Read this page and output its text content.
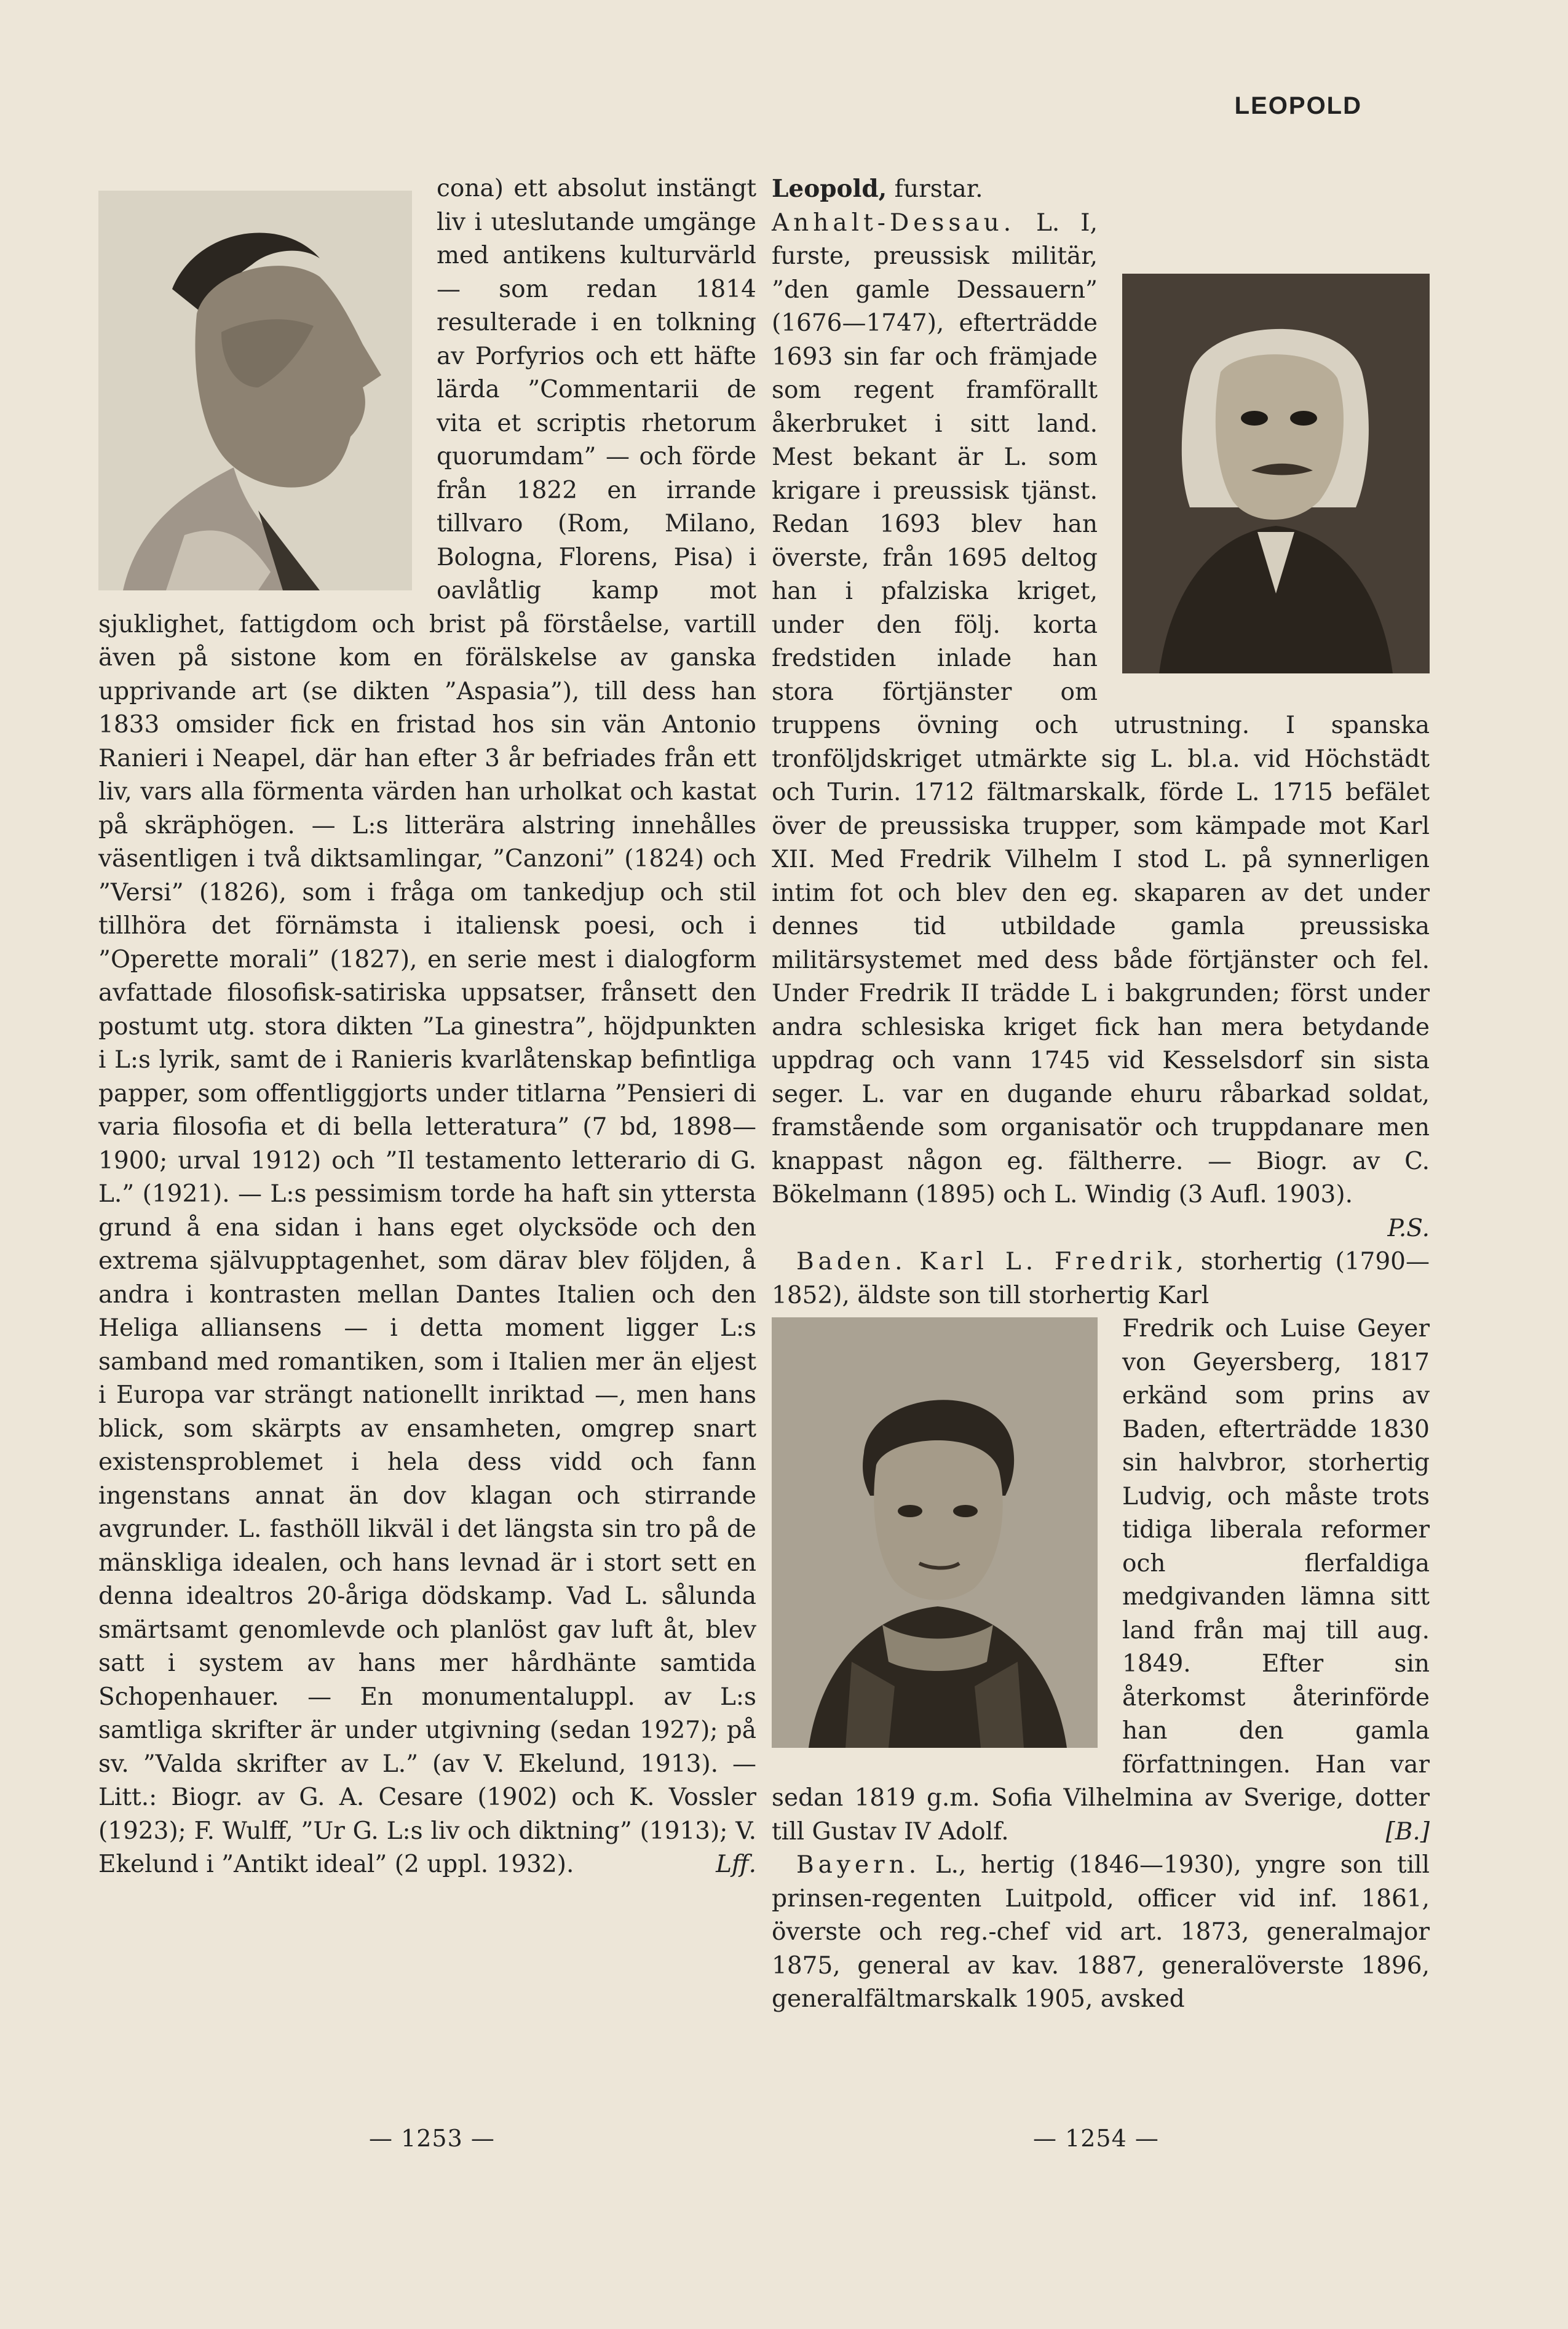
LEOPOLD

cona) ett absolut instängt liv i uteslutande umgänge med antikens kulturvärld — som redan 1814 resulterade i en tolkning av Porfyrios och ett häfte lärda ”Commentarii de vita et scriptis rhetorum quorumdam” — och förde från 1822 en irrande tillvaro (Rom, Milano, Bologna, Florens, Pisa) i oavlåtlig kamp mot sjuklighet, fattigdom och brist på förståelse, vartill även på sistone kom en förälskelse av ganska upprivande art (se dikten ”Aspasia”), till dess han 1833 omsider fick en fristad hos sin vän Antonio Ranieri i Neapel, där han efter 3 år befriades från ett liv, vars alla förmenta värden han urholkat och kastat på skräphögen. — L:s litterära alstring innehålles väsentligen i två diktsamlingar, ”Canzoni” (1824) och ”Versi” (1826), som i fråga om tankedjup och stil tillhöra det förnämsta i italiensk poesi, och i ”Operette morali” (1827), en serie mest i dialogform avfattade filosofisk-satiriska uppsatser, frånsett den postumt utg. stora dikten ”La ginestra”, höjdpunkten i L:s lyrik, samt de i Ranieris kvarlåtenskap befintliga papper, som offentliggjorts under titlarna ”Pensieri di varia filosofia et di bella letteratura” (7 bd, 1898—1900; urval 1912) och ”Il testamento letterario di G. L.” (1921). — L:s pessimism torde ha haft sin yttersta grund å ena sidan i hans eget olycksöde och den extrema självupptagenhet, som därav blev följden, å andra i kontrasten mellan Dantes Italien och den Heliga alliansens — i detta moment ligger L:s samband med romantiken, som i Italien mer än eljest i Europa var strängt nationellt inriktad —, men hans blick, som skärpts av ensamheten, omgrep snart existensproblemet i hela dess vidd och fann ingenstans annat än dov klagan och stirrande avgrunder. L. fasthöll likväl i det längsta sin tro på de mänskliga idealen, och hans levnad är i stort sett en denna idealtros 20-åriga dödskamp. Vad L. sålunda smärtsamt genomlevde och planlöst gav luft åt, blev satt i system av hans mer hårdhänte samtida Schopenhauer. — En monumentaluppl. av L:s samtliga skrifter är under utgivning (sedan 1927); på sv. ”Valda skrifter av L.” (av V. Ekelund, 1913). — Litt.: Biogr. av G. A. Cesare (1902) och K. Vossler (1923); F. Wulff, ”Ur G. L:s liv och diktning” (1913); V. Ekelund i ”Antikt ideal” (2 uppl. 1932).	Lff.

Leopold, furstar.

Anhalt-Dessau. L. I, furste, preussisk militär, ”den gamle Dessauern” (1676—1747), efterträdde 1693 sin far och främjade som regent framförallt åkerbruket i sitt land. Mest bekant är L. som krigare i preussisk tjänst. Redan 1693 blev han överste, från 1695 deltog han i pfalziska kriget, under den följ. korta fredstiden inlade han stora förtjänster om truppens övning och utrustning. I spanska tronföljdskriget utmärkte sig L. bl.a. vid Höchstädt och Turin. 1712 fältmarskalk, förde L. 1715 befälet över de preussiska trupper, som kämpade mot Karl XII. Med Fredrik Vilhelm I stod L. på synnerligen intim fot och blev den eg. skaparen av det under dennes tid utbildade gamla preussiska militärsystemet med dess både förtjänster och fel. Under Fredrik II trädde L i bakgrunden; först under andra schlesiska kriget fick han mera betydande uppdrag och vann 1745 vid Kesselsdorf sin sista seger. L. var en dugande ehuru råbarkad soldat, framstående som organisatör och truppdanare men knappast någon eg. fältherre. — Biogr. av C. Bökelmann (1895) och L. Windig (3 Aufl. 1903).

P.S.

Baden. Karl L. Fredrik, storhertig (1790—1852), äldste son till storhertig Karl

Fredrik och Luise Geyer von Geyersberg, 1817 erkänd som prins av Baden, efterträdde 1830 sin halvbror, storhertig Ludvig, och måste trots tidiga liberala reformer och flerfaldiga medgivanden lämna sitt land från maj till aug. 1849. Efter sin återkomst återinförde han den gamla författningen. Han var sedan 1819 g.m. Sofia Vilhelmina av Sverige, dotter till Gustav IV Adolf.	[B.]

Bayern. L., hertig (1846—1930), yngre son till prinsen-regenten Luitpold, officer vid inf. 1861, överste och reg.-chef vid art. 1873, generalmajor 1875, general av kav. 1887, generalöverste 1896, generalfältmarskalk 1905, avsked

— 1253 —	— 1254 —
